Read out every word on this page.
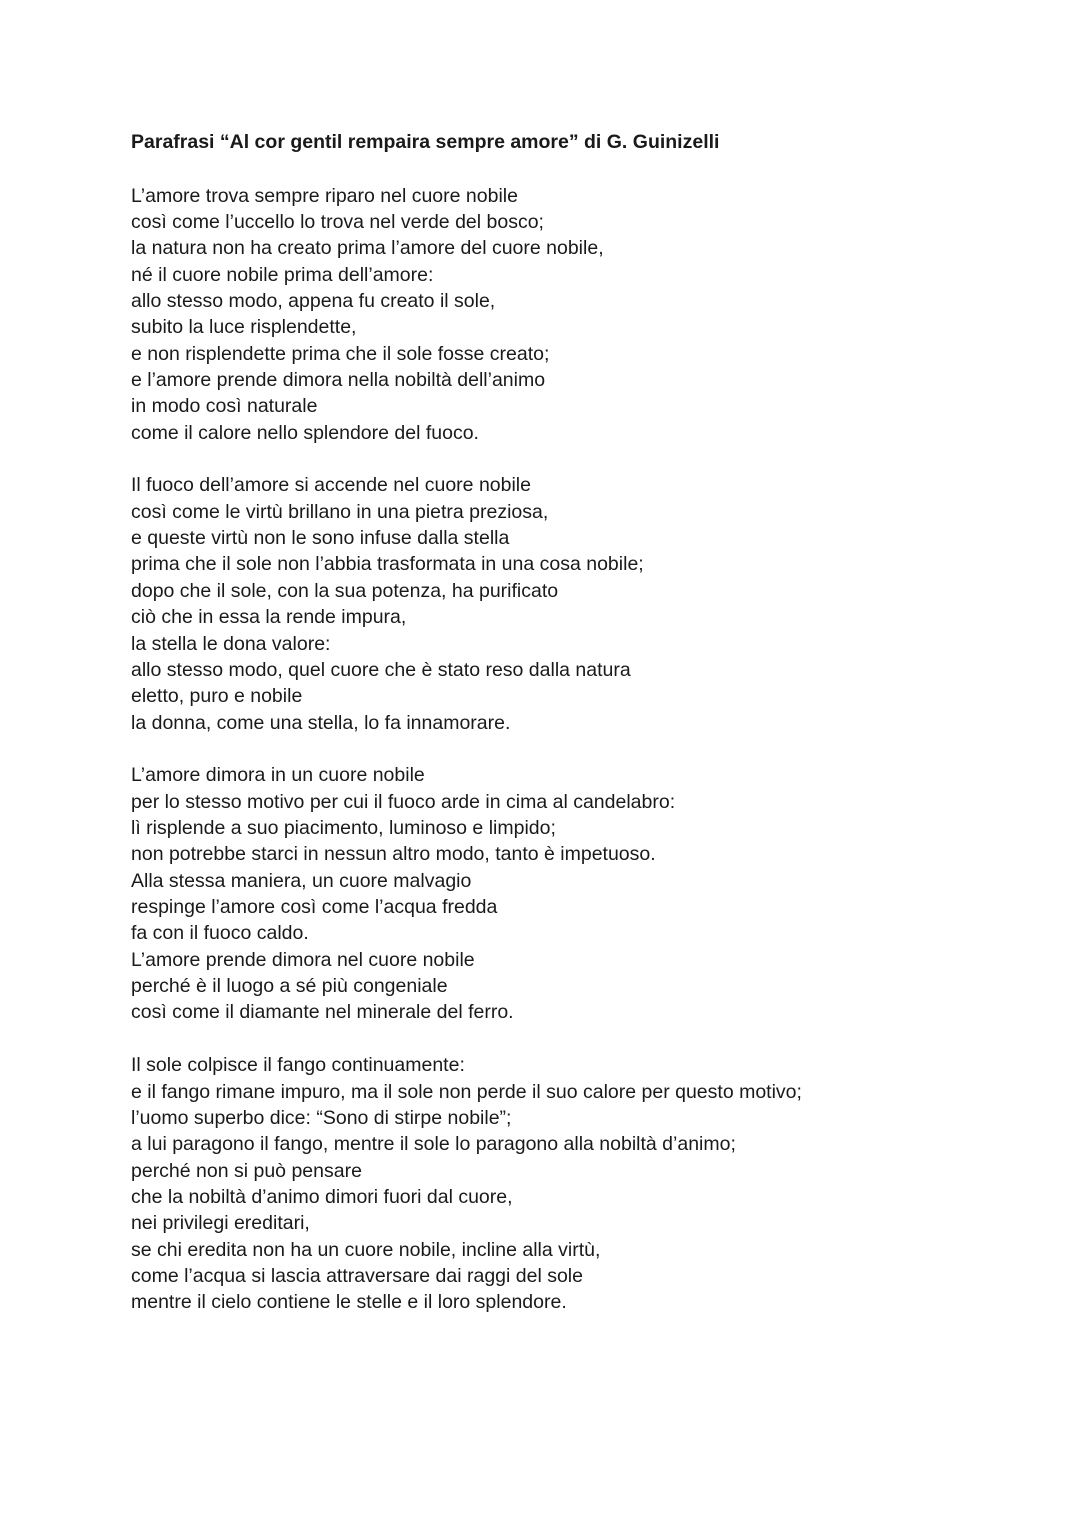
Parafrasi “Al cor gentil rempaira sempre amore” di G. Guinizelli

L’amore trova sempre riparo nel cuore nobile

così come l’uccello lo trova nel verde del bosco;

la natura non ha creato prima l’amore del cuore nobile,

né il cuore nobile prima dell’amore:

allo stesso modo, appena fu creato il sole,

subito la luce risplendette,

e non risplendette prima che il sole fosse creato;

e l’amore prende dimora nella nobiltà dell’animo

in modo così naturale

come il calore nello splendore del fuoco.

Il fuoco dell’amore si accende nel cuore nobile

così come le virtù brillano in una pietra preziosa,

e queste virtù non le sono infuse dalla stella

prima che il sole non l’abbia trasformata in una cosa nobile;

dopo che il sole, con la sua potenza, ha purificato

ciò che in essa la rende impura,

la stella le dona valore:

allo stesso modo, quel cuore che è stato reso dalla natura

eletto, puro e nobile

la donna, come una stella, lo fa innamorare.

L’amore dimora in un cuore nobile

per lo stesso motivo per cui il fuoco arde in cima al candelabro:

lì risplende a suo piacimento, luminoso e limpido;

non potrebbe starci in nessun altro modo, tanto è impetuoso.

Alla stessa maniera, un cuore malvagio

respinge l’amore così come l’acqua fredda

fa con il fuoco caldo.

L’amore prende dimora nel cuore nobile

perché è il luogo a sé più congeniale

così come il diamante nel minerale del ferro.

Il sole colpisce il fango continuamente:

e il fango rimane impuro, ma il sole non perde il suo calore per questo motivo;

l’uomo superbo dice: “Sono di stirpe nobile”;

a lui paragono il fango, mentre il sole lo paragono alla nobiltà d’animo;

perché non si può pensare

che la nobiltà d’animo dimori fuori dal cuore,

nei privilegi ereditari,

se chi eredita non ha un cuore nobile, incline alla virtù,

come l’acqua si lascia attraversare dai raggi del sole

mentre il cielo contiene le stelle e il loro splendore.
